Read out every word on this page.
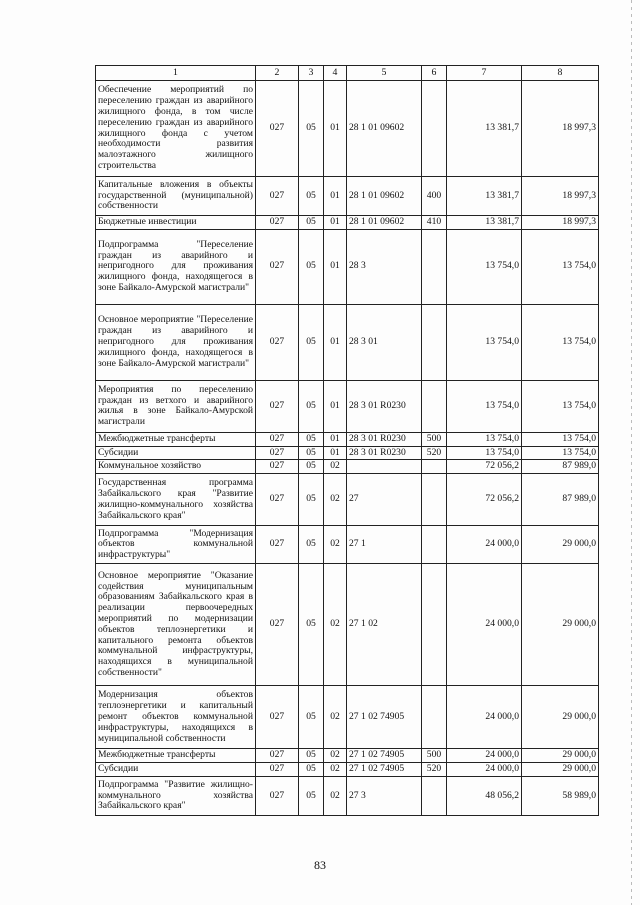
1	2	3	4	5	6	7	8
Обеспечение мероприятий по переселению граждан из аварийного жилищного фонда, в том числе переселению граждан из аварийного жилищного фонда с учетом необходимости развития малоэтажного жилищного строительства	027	05	01	28 1 01 09602		13 381,7	18 997,3
Капитальные вложения в объекты государственной (муниципальной) собственности	027	05	01	28 1 01 09602	400	13 381,7	18 997,3
Бюджетные инвестиции	027	05	01	28 1 01 09602	410	13 381,7	18 997,3
Подпрограмма "Переселение граждан из аварийного и непригодного для проживания жилищного фонда, находящегося в зоне Байкало-Амурской магистрали"	027	05	01	28 3		13 754,0	13 754,0
Основное мероприятие "Переселение граждан из аварийного и непригодного для проживания жилищного фонда, находящегося в зоне Байкало-Амурской магистрали"	027	05	01	28 3 01		13 754,0	13 754,0
Мероприятия по переселению граждан из ветхого и аварийного жилья в зоне Байкало-Амурской магистрали	027	05	01	28 3 01 R0230		13 754,0	13 754,0
Межбюджетные трансферты	027	05	01	28 3 01 R0230	500	13 754,0	13 754,0
Субсидии	027	05	01	28 3 01 R0230	520	13 754,0	13 754,0
Коммунальное хозяйство	027	05	02			72 056,2	87 989,0
Государственная программа Забайкальского края "Развитие жилищно-коммунального хозяйства Забайкальского края"	027	05	02	27		72 056,2	87 989,0
Подпрограмма "Модернизация объектов коммунальной инфраструктуры"	027	05	02	27 1		24 000,0	29 000,0
Основное мероприятие "Оказание содействия муниципальным образованиям Забайкальского края в реализации первоочередных мероприятий по модернизации объектов теплоэнергетики и капитального ремонта объектов коммунальной инфраструктуры, находящихся в муниципальной собственности"	027	05	02	27 1 02		24 000,0	29 000,0
Модернизация объектов теплоэнергетики и капитальный ремонт объектов коммунальной инфраструктуры, находящихся в муниципальной собственности	027	05	02	27 1 02 74905		24 000,0	29 000,0
Межбюджетные трансферты	027	05	02	27 1 02 74905	500	24 000,0	29 000,0
Субсидии	027	05	02	27 1 02 74905	520	24 000,0	29 000,0
Подпрограмма "Развитие жилищно-коммунального хозяйства Забайкальского края"	027	05	02	27 3		48 056,2	58 989,0
83
